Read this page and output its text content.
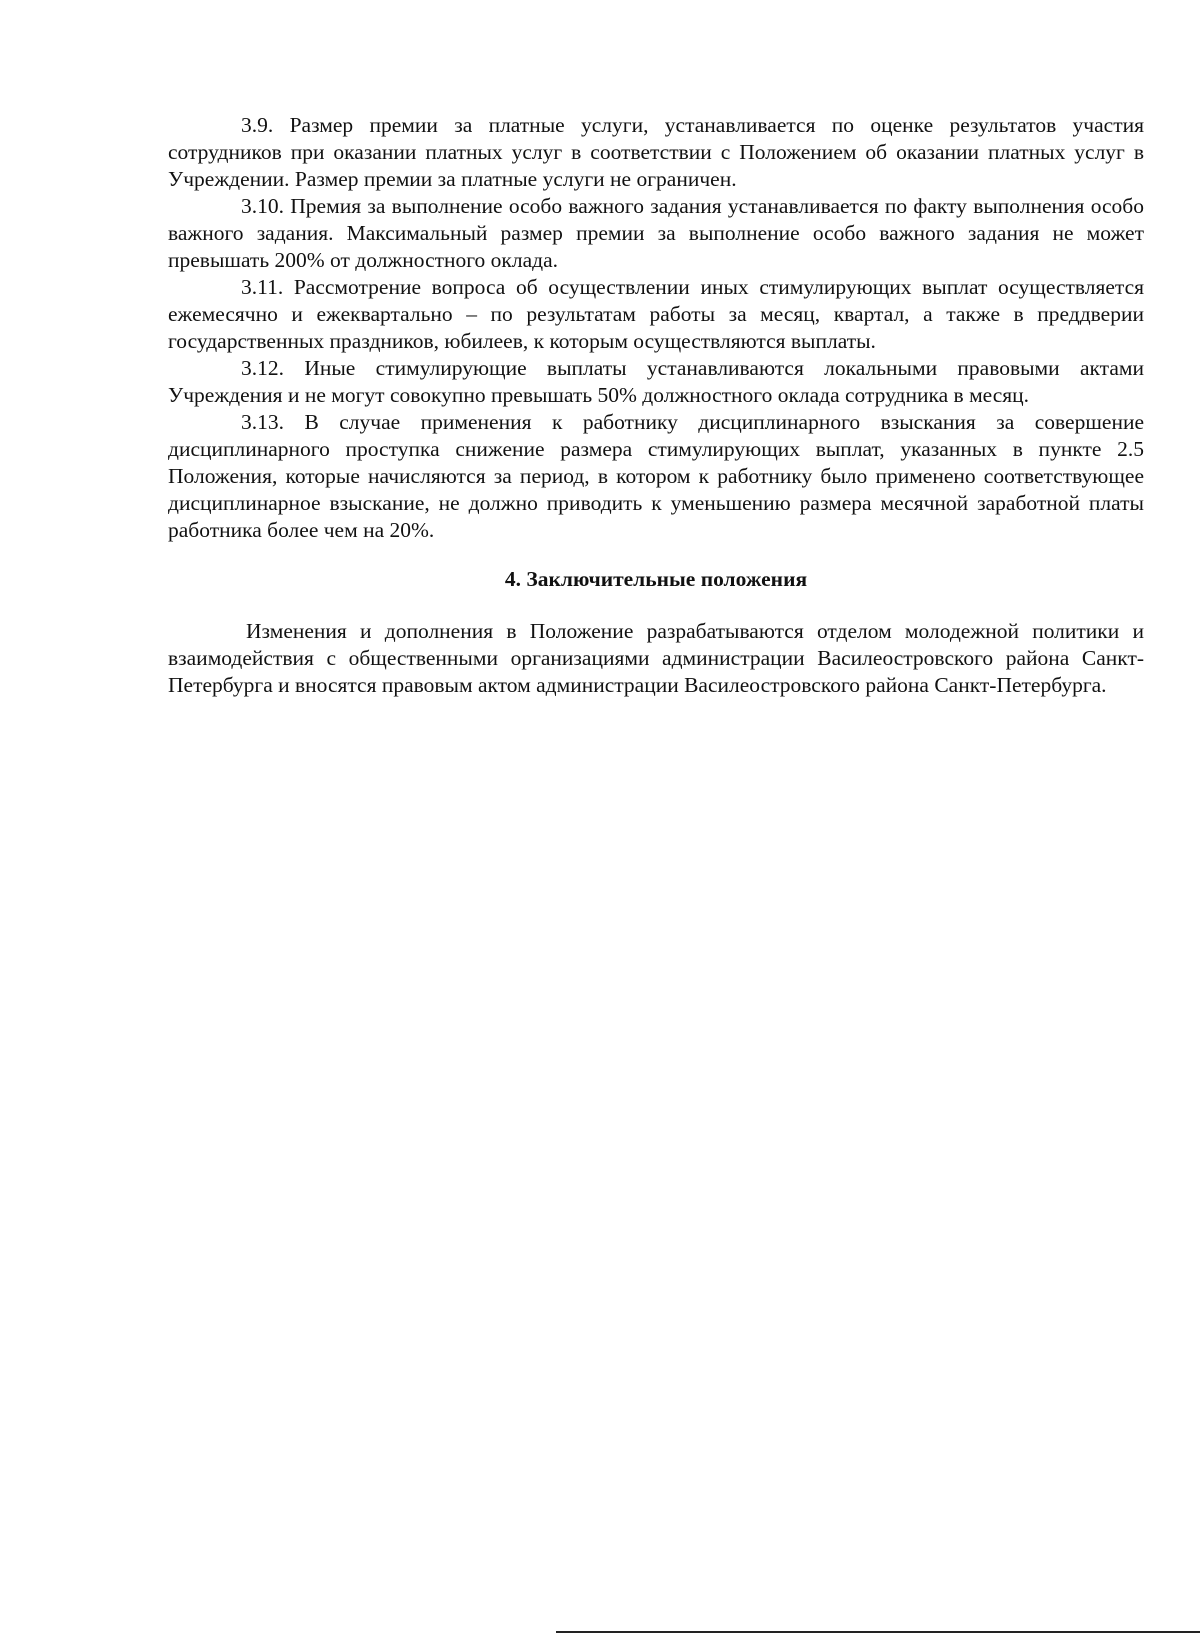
3.9. Размер премии за платные услуги, устанавливается по оценке результатов участия сотрудников при оказании платных услуг в соответствии с Положением об оказании платных услуг в Учреждении. Размер премии за платные услуги не ограничен.

3.10. Премия за выполнение особо важного задания устанавливается по факту выполнения особо важного задания. Максимальный размер премии за выполнение особо важного задания не может превышать 200% от должностного оклада.

3.11. Рассмотрение вопроса об осуществлении иных стимулирующих выплат осуществляется ежемесячно и ежеквартально – по результатам работы за месяц, квартал, а также в преддверии государственных праздников, юбилеев, к которым осуществляются выплаты.

3.12. Иные стимулирующие выплаты устанавливаются локальными правовыми актами Учреждения и не могут совокупно превышать 50% должностного оклада сотрудника в месяц.

3.13. В случае применения к работнику дисциплинарного взыскания за совершение дисциплинарного проступка снижение размера стимулирующих выплат, указанных в пункте 2.5 Положения, которые начисляются за период, в котором к работнику было применено соответствующее дисциплинарное взыскание, не должно приводить к уменьшению размера месячной заработной платы работника более чем на 20%.

4. Заключительные положения

Изменения и дополнения в Положение разрабатываются отделом молодежной политики и взаимодействия с общественными организациями администрации Василеостровского района Санкт-Петербурга и вносятся правовым актом администрации Василеостровского района Санкт-Петербурга.
